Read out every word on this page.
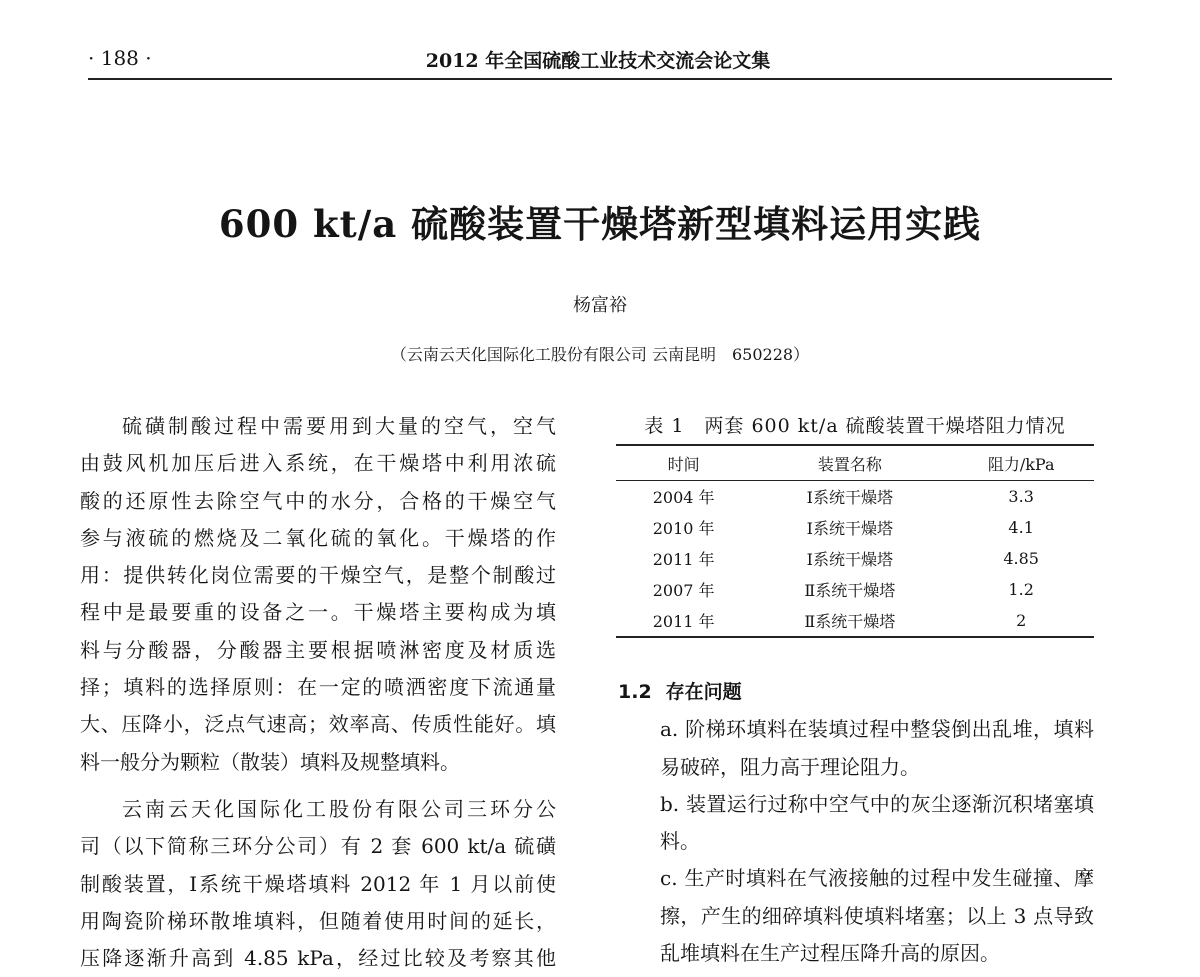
· 188 ·	2012 年全国硫酸工业技术交流会论文集
600 kt/a 硫酸装置干燥塔新型填料运用实践
杨富裕
（云南云天化国际化工股份有限公司 云南昆明　650228）

硫磺制酸过程中需要用到大量的空气，空气

由鼓风机加压后进入系统，在干燥塔中利用浓硫

酸的还原性去除空气中的水分，合格的干燥空气

参与液硫的燃烧及二氧化硫的氧化。干燥塔的作

用：提供转化岗位需要的干燥空气，是整个制酸过

程中是最要重的设备之一。干燥塔主要构成为填

料与分酸器，分酸器主要根据喷淋密度及材质选

择；填料的选择原则：在一定的喷洒密度下流通量

大、压降小，泛点气速高；效率高、传质性能好。填

料一般分为颗粒（散装）填料及规整填料。

云南云天化国际化工股份有限公司三环分公

司（以下简称三环分公司）有 2 套 600 kt/a 硫磺

制酸装置，Ⅰ系统干燥塔填料 2012 年 1 月以前使

用陶瓷阶梯环散堆填料，但随着使用时间的延长，

压降逐渐升高到 4.85 kPa，经过比较及考察其他

表 1　两套 600 kt/a 硫酸装置干燥塔阻力情况
时间	装置名称	阻力/kPa
2004 年	Ⅰ系统干燥塔	3.3
2010 年	Ⅰ系统干燥塔	4.1
2011 年	Ⅰ系统干燥塔	4.85
2007 年	Ⅱ系统干燥塔	1.2
2011 年	Ⅱ系统干燥塔	2

1.2 存在问题

a. 阶梯环填料在装填过程中整袋倒出乱堆，填料易破碎，阻力高于理论阻力。

b. 装置运行过称中空气中的灰尘逐渐沉积堵塞填料。

c. 生产时填料在气液接触的过程中发生碰撞、摩擦，产生的细碎填料使填料堵塞；以上 3 点导致乱堆填料在生产过程压降升高的原因。
